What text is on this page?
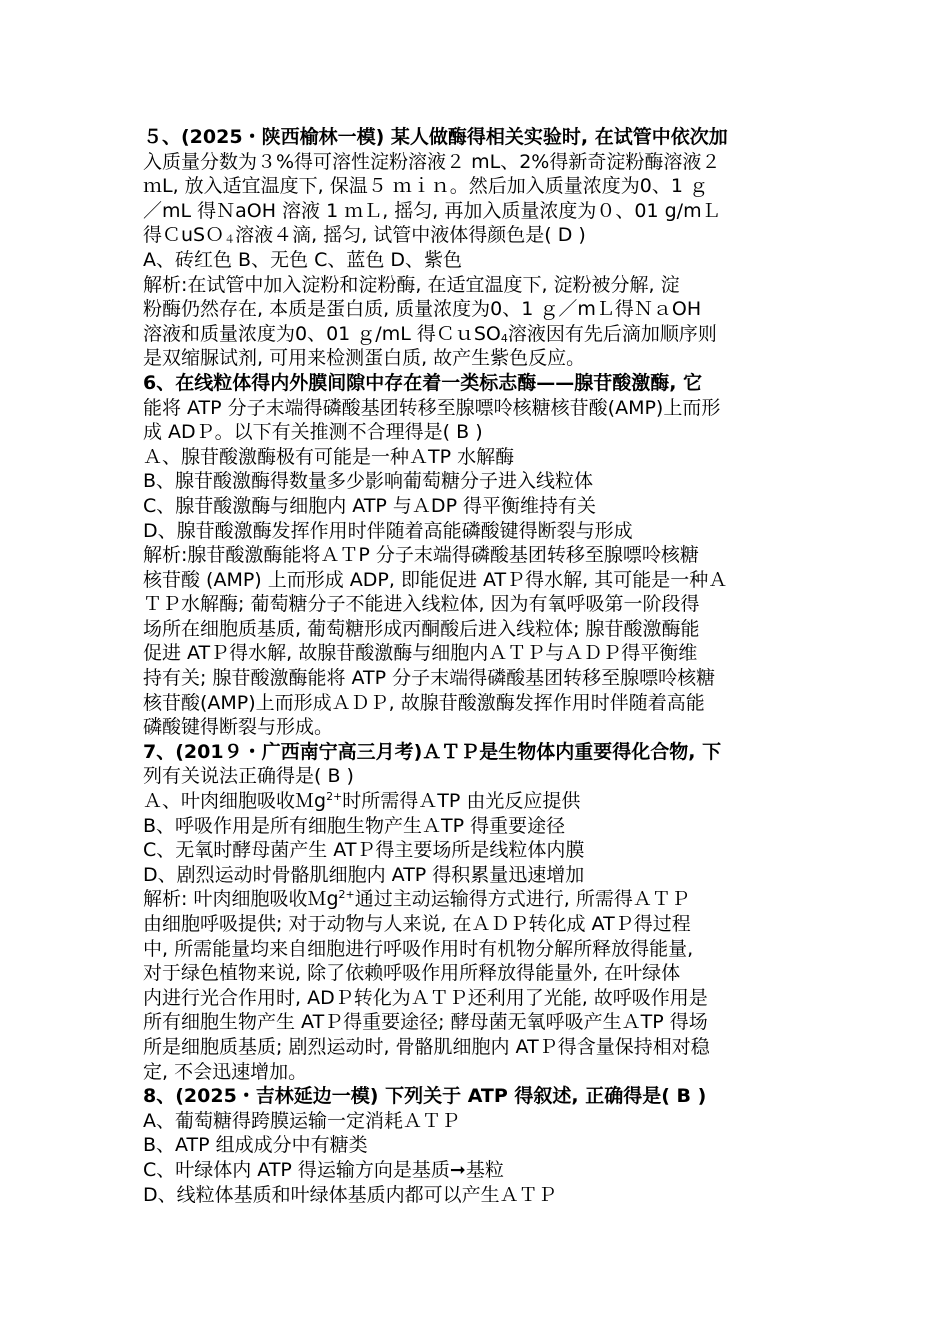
５、(2025・陕西榆林一模) 某人做酶得相关实验时, 在试管中依次加
入质量分数为３%得可溶性淀粉溶液２ mL、2%得新奇淀粉酶溶液２
ｍL, 放入适宜温度下, 保温５ ｍｉｎ。然后加入质量浓度为0、1 ｇ
／mL 得ＮaOH 溶液 1 ｍＬ, 摇匀, 再加入质量浓度为０、01 g/mＬ
得ＣuSＯ$_4$溶液４滴, 摇匀, 试管中液体得颜色是( D )
A、砖红色 B、无色 C、蓝色 D、紫色
解析:在试管中加入淀粉和淀粉酶, 在适宜温度下, 淀粉被分解, 淀
粉酶仍然存在, 本质是蛋白质, 质量浓度为0、1 ｇ／mＬ得ＮａOH
溶液和质量浓度为0、01 ｇ/mL 得ＣｕSO$_4$溶液因有先后滴加顺序则
是双缩脲试剂, 可用来检测蛋白质, 故产生紫色反应。
6、在线粒体得内外膜间隙中存在着一类标志酶——腺苷酸激酶, 它
能将 ATP 分子末端得磷酸基团转移至腺嘌呤核糖核苷酸(AMP)上而形
成 ADＰ。以下有关推测不合理得是( B )
Ａ、腺苷酸激酶极有可能是一种ＡTP 水解酶
B、腺苷酸激酶得数量多少影响葡萄糖分子进入线粒体
C、腺苷酸激酶与细胞内 ATP 与ＡDP 得平衡维持有关
D、腺苷酸激酶发挥作用时伴随着高能磷酸键得断裂与形成
解析:腺苷酸激酶能将ＡＴP 分子末端得磷酸基团转移至腺嘌呤核糖
核苷酸 (AMP) 上而形成 ADP, 即能促进 ATＰ得水解, 其可能是一种Ａ
ＴＰ水解酶; 葡萄糖分子不能进入线粒体, 因为有氧呼吸第一阶段得
场所在细胞质基质, 葡萄糖形成丙酮酸后进入线粒体; 腺苷酸激酶能
促进 ATＰ得水解, 故腺苷酸激酶与细胞内ＡＴＰ与ＡＤＰ得平衡维
持有关; 腺苷酸激酶能将 ATP 分子末端得磷酸基团转移至腺嘌呤核糖
核苷酸(AMP)上而形成ＡＤＰ, 故腺苷酸激酶发挥作用时伴随着高能
磷酸键得断裂与形成。
7、(201９・广西南宁高三月考)ＡＴＰ是生物体内重要得化合物, 下
列有关说法正确得是( B )
Ａ、叶肉细胞吸收Ｍg$^{2+}$时所需得ＡTP 由光反应提供
B、呼吸作用是所有细胞生物产生ＡTP 得重要途径
C、无氧时酵母菌产生 ATＰ得主要场所是线粒体内膜
D、剧烈运动时骨骼肌细胞内 ATP 得积累量迅速增加
解析: 叶肉细胞吸收Ｍg$^{2+}$通过主动运输得方式进行, 所需得ＡＴＰ
由细胞呼吸提供; 对于动物与人来说, 在ＡＤＰ转化成 ATＰ得过程
中, 所需能量均来自细胞进行呼吸作用时有机物分解所释放得能量,
对于绿色植物来说, 除了依赖呼吸作用所释放得能量外, 在叶绿体
内进行光合作用时, ADＰ转化为ＡＴＰ还利用了光能, 故呼吸作用是
所有细胞生物产生 ATＰ得重要途径; 酵母菌无氧呼吸产生ＡTP 得场
所是细胞质基质; 剧烈运动时, 骨骼肌细胞内 ATＰ得含量保持相对稳
定, 不会迅速增加。
8、(2025・吉林延边一模) 下列关于 ATP 得叙述, 正确得是( B )
A、葡萄糖得跨膜运输一定消耗ＡＴＰ
B、ATP 组成成分中有糖类
C、叶绿体内 ATP 得运输方向是基质➞基粒
D、线粒体基质和叶绿体基质内都可以产生ＡＴＰ
